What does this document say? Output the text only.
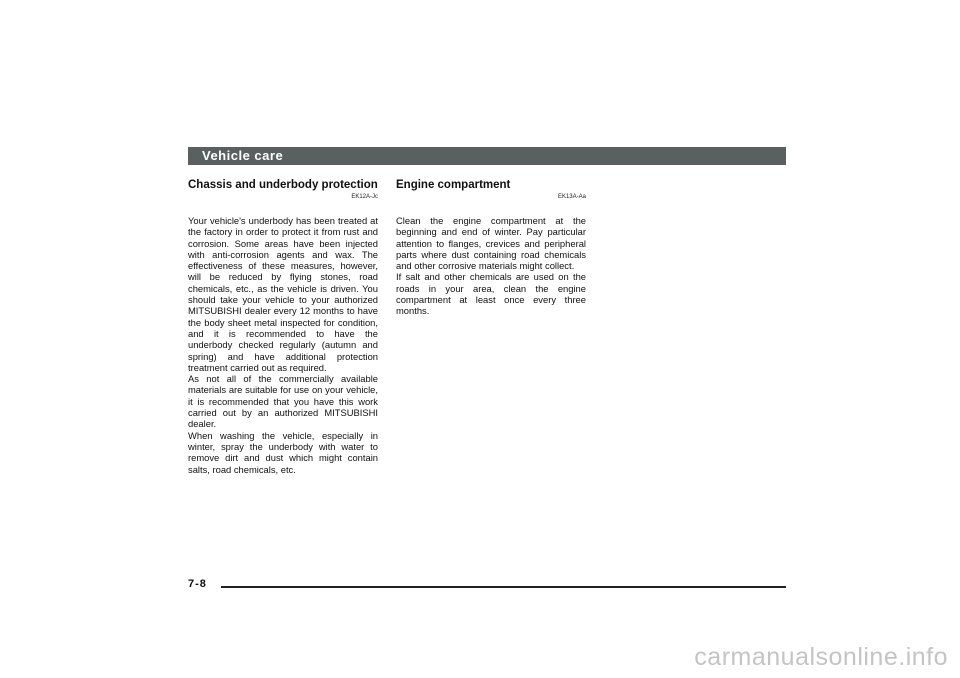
Vehicle care
Chassis and underbody protection
EK12A-Jc

Your vehicle's underbody has been treated at the factory in order to protect it from rust and corrosion. Some areas have been injected with anti-corrosion agents and wax. The effectiveness of these measures, however, will be reduced by flying stones, road chemicals, etc., as the vehicle is driven. You should take your vehicle to your authorized MITSUBISHI dealer every 12 months to have the body sheet metal inspected for condition, and it is recommended to have the underbody checked regularly (autumn and spring) and have additional protection treatment carried out as required.

As not all of the commercially available materials are suitable for use on your vehicle, it is recommended that you have this work carried out by an authorized MITSUBISHI dealer.

When washing the vehicle, especially in winter, spray the underbody with water to remove dirt and dust which might contain salts, road chemicals, etc.

Engine compartment
EK13A-Aa

Clean the engine compartment at the beginning and end of winter. Pay particular attention to flanges, crevices and peripheral parts where dust containing road chemicals and other corrosive materials might collect.

If salt and other chemicals are used on the roads in your area, clean the engine compartment at least once every three months.

7-8
carmanualsonline.info
